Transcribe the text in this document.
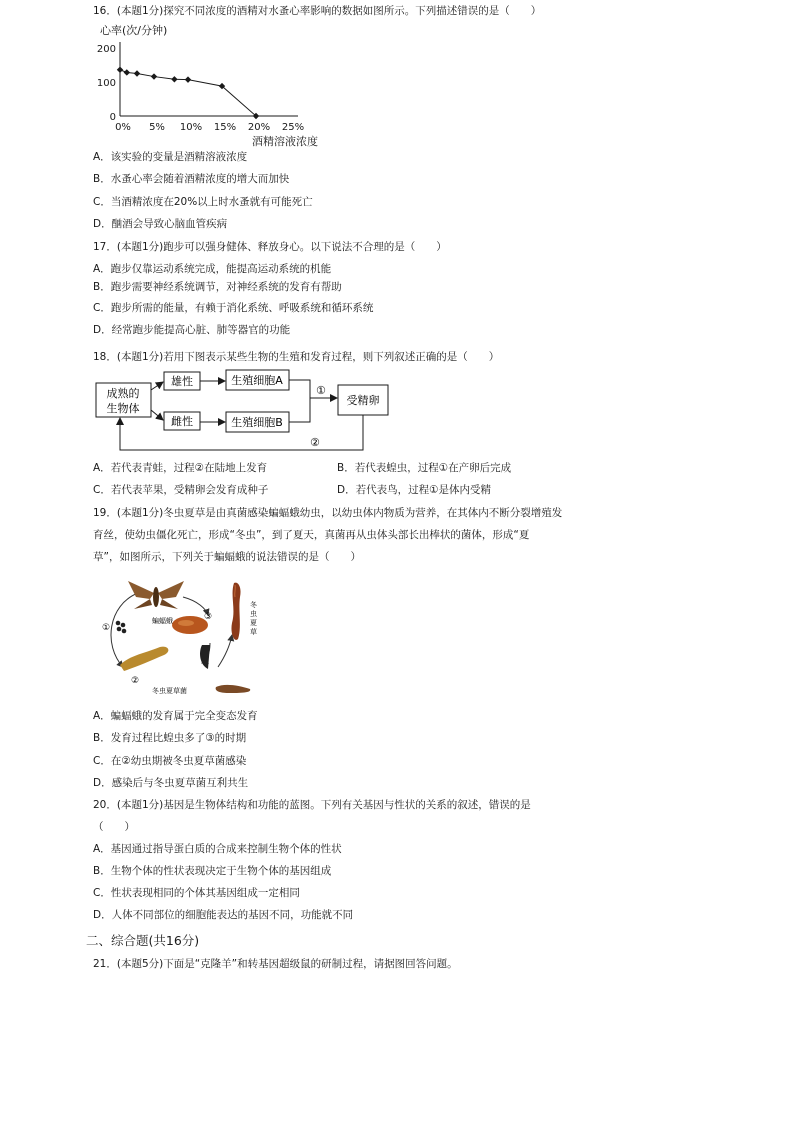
16．(本题1分)探究不同浓度的酒精对水蚤心率影响的数据如图所示。下列描述错误的是（　　）
心率(次/分钟)
200
100
0
0% 5% 10% 15% 20% 25%
酒精溶液浓度
A．该实验的变量是酒精溶液浓度
B．水蚤心率会随着酒精浓度的增大而加快
C．当酒精浓度在20%以上时水蚤就有可能死亡
D．酗酒会导致心脑血管疾病
17．(本题1分)跑步可以强身健体、释放身心。以下说法不合理的是（　　）
A．跑步仅靠运动系统完成，能提高运动系统的机能
B．跑步需要神经系统调节，对神经系统的发育有帮助
C．跑步所需的能量，有赖于消化系统、呼吸系统和循环系统
D．经常跑步能提高心脏、肺等器官的功能
18．(本题1分)若用下图表示某些生物的生殖和发育过程，则下列叙述正确的是（　　）
成熟的
生物体
雄性
雌性
生殖细胞A
生殖细胞B
受精卵
①
②
A．若代表青蛙，过程②在陆地上发育	B．若代表蝗虫，过程①在产卵后完成
C．若代表苹果，受精卵会发育成种子	D．若代表鸟，过程①是体内受精
19．(本题1分)冬虫夏草是由真菌感染蝙蝠蛾幼虫，以幼虫体内物质为营养，在其体内不断分裂增殖发
育丝，使幼虫僵化死亡，形成“冬虫”，到了夏天，真菌再从虫体头部长出棒状的菌体，形成“夏
草”，如图所示，下列关于蝙蝠蛾的说法错误的是（　　）
蝙蝠蛾
①
③
②
冬虫夏草菌
冬
虫
夏
草
A．蝙蝠蛾的发育属于完全变态发育
B．发育过程比蝗虫多了③的时期
C．在②幼虫期被冬虫夏草菌感染
D．感染后与冬虫夏草菌互利共生
20．(本题1分)基因是生物体结构和功能的蓝图。下列有关基因与性状的关系的叙述，错误的是
（　　）
A．基因通过指导蛋白质的合成来控制生物个体的性状
B．生物个体的性状表现决定于生物个体的基因组成
C．性状表现相同的个体其基因组成一定相同
D．人体不同部位的细胞能表达的基因不同，功能就不同
二、综合题(共16分)
21．(本题5分)下面是“克隆羊”和转基因超级鼠的研制过程，请据图回答问题。
